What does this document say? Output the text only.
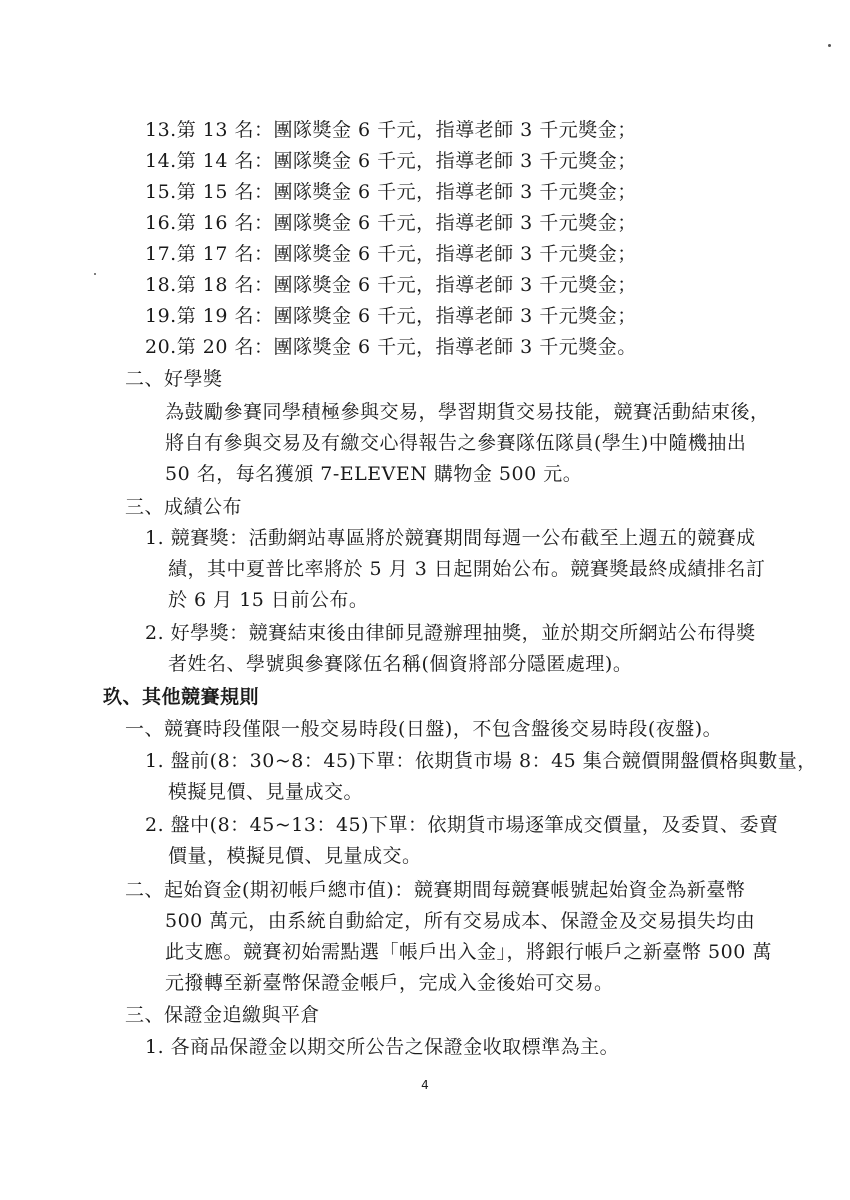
13.第 13 名：團隊獎金 6 千元，指導老師 3 千元獎金；
14.第 14 名：團隊獎金 6 千元，指導老師 3 千元獎金；
15.第 15 名：團隊獎金 6 千元，指導老師 3 千元獎金；
16.第 16 名：團隊獎金 6 千元，指導老師 3 千元獎金；
17.第 17 名：團隊獎金 6 千元，指導老師 3 千元獎金；
18.第 18 名：團隊獎金 6 千元，指導老師 3 千元獎金；
19.第 19 名：團隊獎金 6 千元，指導老師 3 千元獎金；
20.第 20 名：團隊獎金 6 千元，指導老師 3 千元獎金。
二、好學獎
為鼓勵參賽同學積極參與交易，學習期貨交易技能，競賽活動結束後，
將自有參與交易及有繳交心得報告之參賽隊伍隊員(學生)中隨機抽出
50 名，每名獲頒 7-ELEVEN 購物金 500 元。
三、成績公布
1. 競賽獎：活動網站專區將於競賽期間每週一公布截至上週五的競賽成
績，其中夏普比率將於 5 月 3 日起開始公布。競賽獎最終成績排名訂
於 6 月 15 日前公布。
2. 好學獎：競賽結束後由律師見證辦理抽獎，並於期交所網站公布得獎
者姓名、學號與參賽隊伍名稱(個資將部分隱匿處理)。
玖、其他競賽規則
一、競賽時段僅限一般交易時段(日盤)，不包含盤後交易時段(夜盤)。
1. 盤前(8：30~8：45)下單：依期貨市場 8：45 集合競價開盤價格與數量，
模擬見價、見量成交。
2. 盤中(8：45~13：45)下單：依期貨市場逐筆成交價量，及委買、委賣
價量，模擬見價、見量成交。
二、起始資金(期初帳戶總市值)：競賽期間每競賽帳號起始資金為新臺幣
500 萬元，由系統自動給定，所有交易成本、保證金及交易損失均由
此支應。競賽初始需點選「帳戶出入金」，將銀行帳戶之新臺幣 500 萬
元撥轉至新臺幣保證金帳戶，完成入金後始可交易。
三、保證金追繳與平倉
1. 各商品保證金以期交所公告之保證金收取標準為主。
4
